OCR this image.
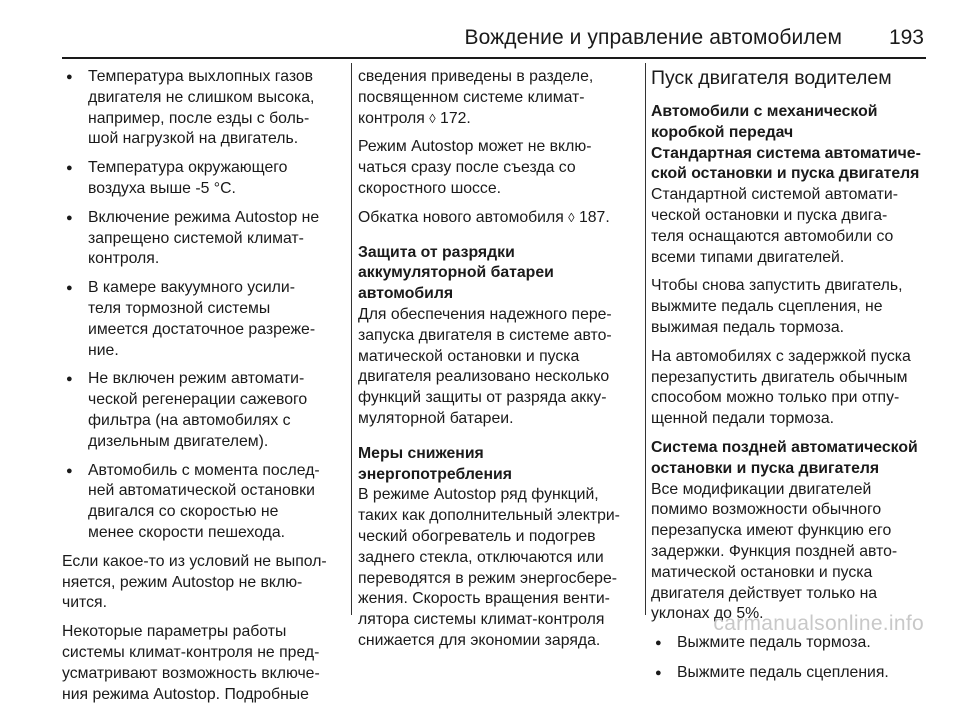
Вождение и управление автомобилем 193
● Температура выхлопных газов
двигателя не слишком высока,
например, после езды с боль-
шой нагрузкой на двигатель.
● Температура окружающего
воздуха выше -5 °C.
● Включение режима Autostop не
запрещено системой климат-
контроля.
● В камере вакуумного усили-
теля тормозной системы
имеется достаточное разреже-
ние.
● Не включен режим автомати-
ческой регенерации сажевого
фильтра (на автомобилях с
дизельным двигателем).
● Автомобиль с момента послед-
ней автоматической остановки
двигался со скоростью не
менее скорости пешехода.

Если какое-то из условий не выпол-
няется, режим Autostop не вклю-
чится.

Некоторые параметры работы
системы климат-контроля не пред-
усматривают возможность включе-
ния режима Autostop. Подробные

сведения приведены в разделе,
посвященном системе климат-
контроля ◊ 172.

Режим Autostop может не вклю-
чаться сразу после съезда со
скоростного шоссе.

Обкатка нового автомобиля ◊ 187.

Защита от разрядки
аккумуляторной батареи
автомобиля

Для обеспечения надежного пере-
запуска двигателя в системе авто-
матической остановки и пуска
двигателя реализовано несколько
функций защиты от разряда акку-
муляторной батареи.

Меры снижения
энергопотребления

В режиме Autostop ряд функций,
таких как дополнительный электри-
ческий обогреватель и подогрев
заднего стекла, отключаются или
переводятся в режим энергосбере-
жения. Скорость вращения венти-
лятора системы климат-контроля
снижается для экономии заряда.

Пуск двигателя водителем

Автомобили с механической
коробкой передач

Стандартная система автоматиче-
ской остановки и пуска двигателя

Стандартной системой автомати-
ческой остановки и пуска двига-
теля оснащаются автомобили со
всеми типами двигателей.

Чтобы снова запустить двигатель,
выжмите педаль сцепления, не
выжимая педаль тормоза.

На автомобилях с задержкой пуска
перезапустить двигатель обычным
способом можно только при отпу-
щенной педали тормоза.

Система поздней автоматической
остановки и пуска двигателя

Все модификации двигателей
помимо возможности обычного
перезапуска имеют функцию его
задержки. Функция поздней авто-
матической остановки и пуска
двигателя действует только на
уклонах до 5%.

● Выжмите педаль тормоза.
● Выжмите педаль сцепления.
carmanualsonline.info
